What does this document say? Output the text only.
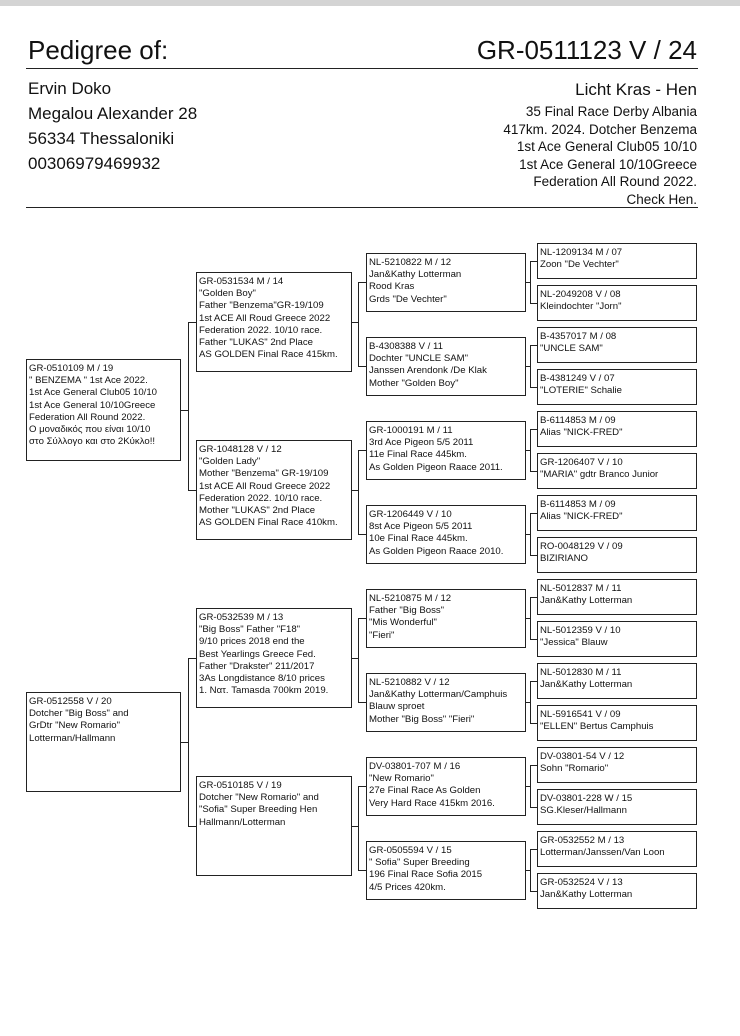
Pedigree of:	GR-0511123 V / 24
Ervin Doko
Megalou Alexander 28
56334 Thessaloniki
00306979469932
Licht Kras - Hen
35 Final Race Derby Albania
417km. 2024. Dotcher Benzema
1st Ace General Club05 10/10
1st Ace General 10/10Greece
Federation All Round 2022.
Check Hen.
GR-0510109 M / 19
" BENZEMA " 1st Ace 2022.
1st Ace General Club05 10/10
1st Ace General 10/10Greece
Federation All Round 2022.
Ο μοναδικός που είναι 10/10
στο Σύλλογο και στο 2Κύκλο!!
GR-0512558 V / 20
Dotcher "Big Boss" and
GrDtr "New Romario"
Lotterman/Hallmann
GR-0531534 M / 14
"Golden Boy"
Father "Benzema"GR-19/109
1st ACE All Roud Greece 2022
Federation 2022. 10/10 race.
Father "LUKAS" 2nd Place
AS GOLDEN Final Race 415km.
GR-1048128 V / 12
"Golden Lady"
Mother "Benzema" GR-19/109
1st ACE All Roud Greece 2022
Federation 2022. 10/10 race.
Mother "LUKAS" 2nd Place
AS GOLDEN Final Race 410km.
GR-0532539 M / 13
"Big Boss" Father "F18"
9/10 prices 2018 end the
Best Yearlings Greece Fed.
Father "Drakster" 211/2017
3As Longdistance 8/10 prices
1. Νατ. Tamasda 700km 2019.
GR-0510185 V / 19
Dotcher "New Romario" and
"Sofia" Super Breeding Hen
Hallmann/Lotterman
NL-5210822 M / 12
Jan&Kathy Lotterman
Rood Kras
Grds "De Vechter"
B-4308388 V / 11
Dochter "UNCLE SAM"
Janssen Arendonk /De Klak
Mother "Golden Boy"
GR-1000191 M / 11
3rd Ace Pigeon 5/5 2011
11e Final Race 445km.
As Golden Pigeon Raace 2011.
GR-1206449 V / 10
8st Ace Pigeon 5/5 2011
10e Final Race 445km.
As Golden Pigeon Raace 2010.
NL-5210875 M / 12
Father "Big Boss"
"Mis Wonderful"
"Fieri"
NL-5210882 V / 12
Jan&Kathy Lotterman/Camphuis
Blauw sproet
Mother "Big Boss" "Fieri"
DV-03801-707 M / 16
"New Romario"
27e Final Race As Golden
Very Hard Race 415km 2016.
GR-0505594 V / 15
" Sofia" Super Breeding
196 Final Race Sofia 2015
4/5 Prices 420km.
NL-1209134 M / 07
Zoon "De Vechter"
NL-2049208 V / 08
Kleindochter "Jorn"
B-4357017 M / 08
"UNCLE SAM"
B-4381249 V / 07
"LOTERIE" Schalie
B-6114853 M / 09
Alias "NICK-FRED"
GR-1206407 V / 10
"MARIA" gdtr Branco Junior
B-6114853 M / 09
Alias "NICK-FRED"
RO-0048129 V / 09
BIZIRIANO
NL-5012837 M / 11
Jan&Kathy Lotterman
NL-5012359 V / 10
"Jessica" Blauw
NL-5012830 M / 11
Jan&Kathy Lotterman
NL-5916541 V / 09
"ELLEN" Bertus Camphuis
DV-03801-54 V / 12
Sohn "Romario"
DV-03801-228 W / 15
SG.Kleser/Hallmann
GR-0532552 M / 13
Lotterman/Janssen/Van Loon
GR-0532524 V / 13
Jan&Kathy Lotterman
